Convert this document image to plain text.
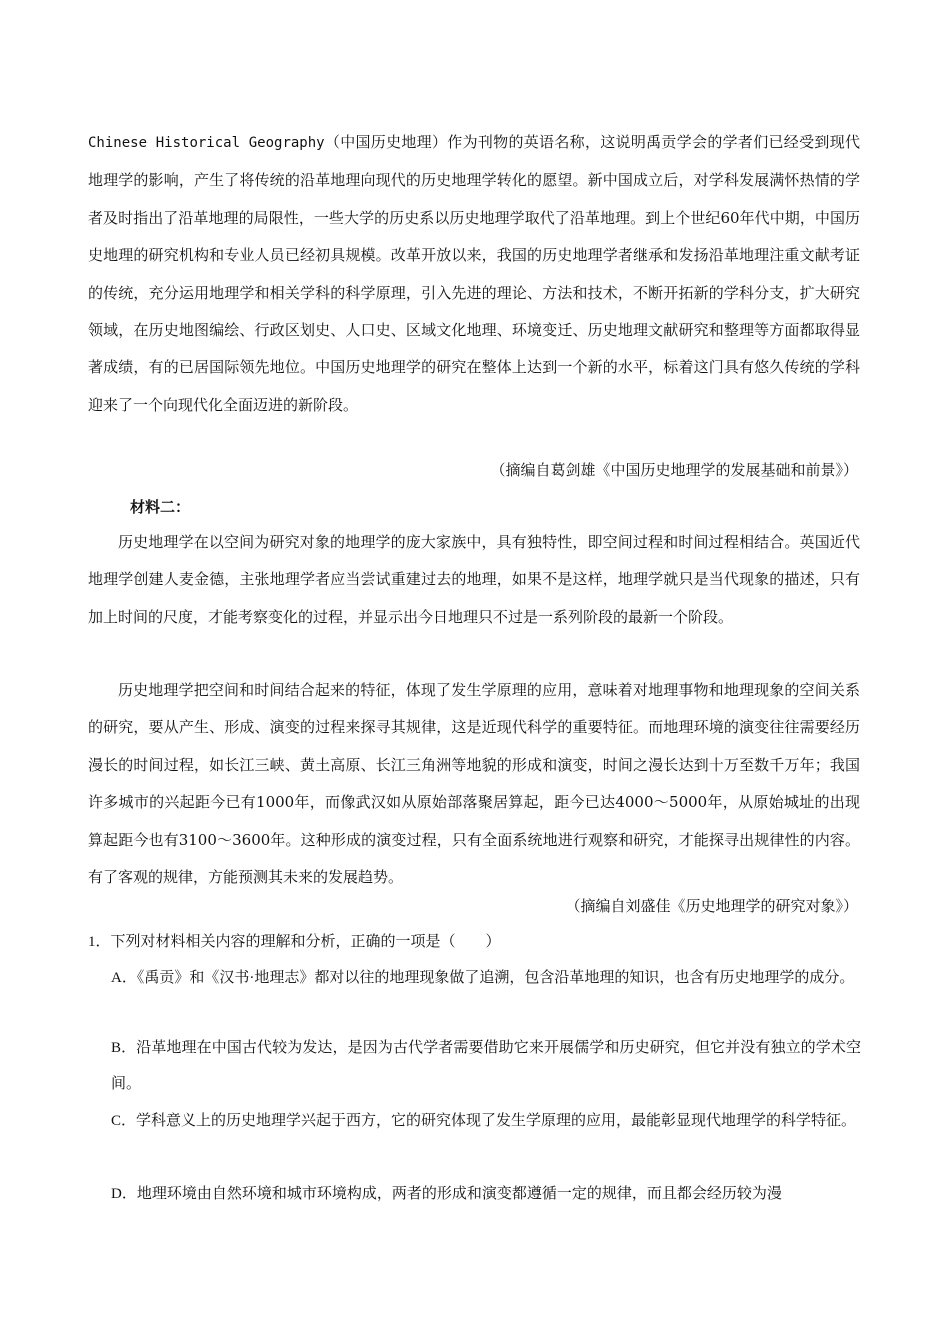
Chinese Historical Geography（中国历史地理）作为刊物的英语名称，这说明禹贡学会的学者们已经受到现代地理学的影响，产生了将传统的沿革地理向现代的历史地理学转化的愿望。新中国成立后，对学科发展满怀热情的学者及时指出了沿革地理的局限性，一些大学的历史系以历史地理学取代了沿革地理。到上个世纪60年代中期，中国历史地理的研究机构和专业人员已经初具规模。改革开放以来，我国的历史地理学者继承和发扬沿革地理注重文献考证的传统，充分运用地理学和相关学科的科学原理，引入先进的理论、方法和技术，不断开拓新的学科分支，扩大研究领域，在历史地图编绘、行政区划史、人口史、区域文化地理、环境变迁、历史地理文献研究和整理等方面都取得显著成绩，有的已居国际领先地位。中国历史地理学的研究在整体上达到一个新的水平，标着这门具有悠久传统的学科迎来了一个向现代化全面迈进的新阶段。

（摘编自葛剑雄《中国历史地理学的发展基础和前景》）

材料二：

历史地理学在以空间为研究对象的地理学的庞大家族中，具有独特性，即空间过程和时间过程相结合。英国近代地理学创建人麦金德，主张地理学者应当尝试重建过去的地理，如果不是这样，地理学就只是当代现象的描述，只有加上时间的尺度，才能考察变化的过程，并显示出今日地理只不过是一系列阶段的最新一个阶段。

历史地理学把空间和时间结合起来的特征，体现了发生学原理的应用，意味着对地理事物和地理现象的空间关系的研究，要从产生、形成、演变的过程来探寻其规律，这是近现代科学的重要特征。而地理环境的演变往往需要经历漫长的时间过程，如长江三峡、黄土高原、长江三角洲等地貌的形成和演变，时间之漫长达到十万至数千万年；我国许多城市的兴起距今已有1000年，而像武汉如从原始部落聚居算起，距今已达4000～5000年，从原始城址的出现算起距今也有3100～3600年。这种形成的演变过程，只有全面系统地进行观察和研究，才能探寻出规律性的内容。有了客观的规律，方能预测其未来的发展趋势。

（摘编自刘盛佳《历史地理学的研究对象》）

1．下列对材料相关内容的理解和分析，正确的一项是（　　）

A．《禹贡》和《汉书·地理志》都对以往的地理现象做了追溯，包含沿革地理的知识，也含有历史地理学的成分。

B．沿革地理在中国古代较为发达，是因为古代学者需要借助它来开展儒学和历史研究，但它并没有独立的学术空间。

C．学科意义上的历史地理学兴起于西方，它的研究体现了发生学原理的应用，最能彰显现代地理学的科学特征。

D．地理环境由自然环境和城市环境构成，两者的形成和演变都遵循一定的规律，而且都会经历较为漫
